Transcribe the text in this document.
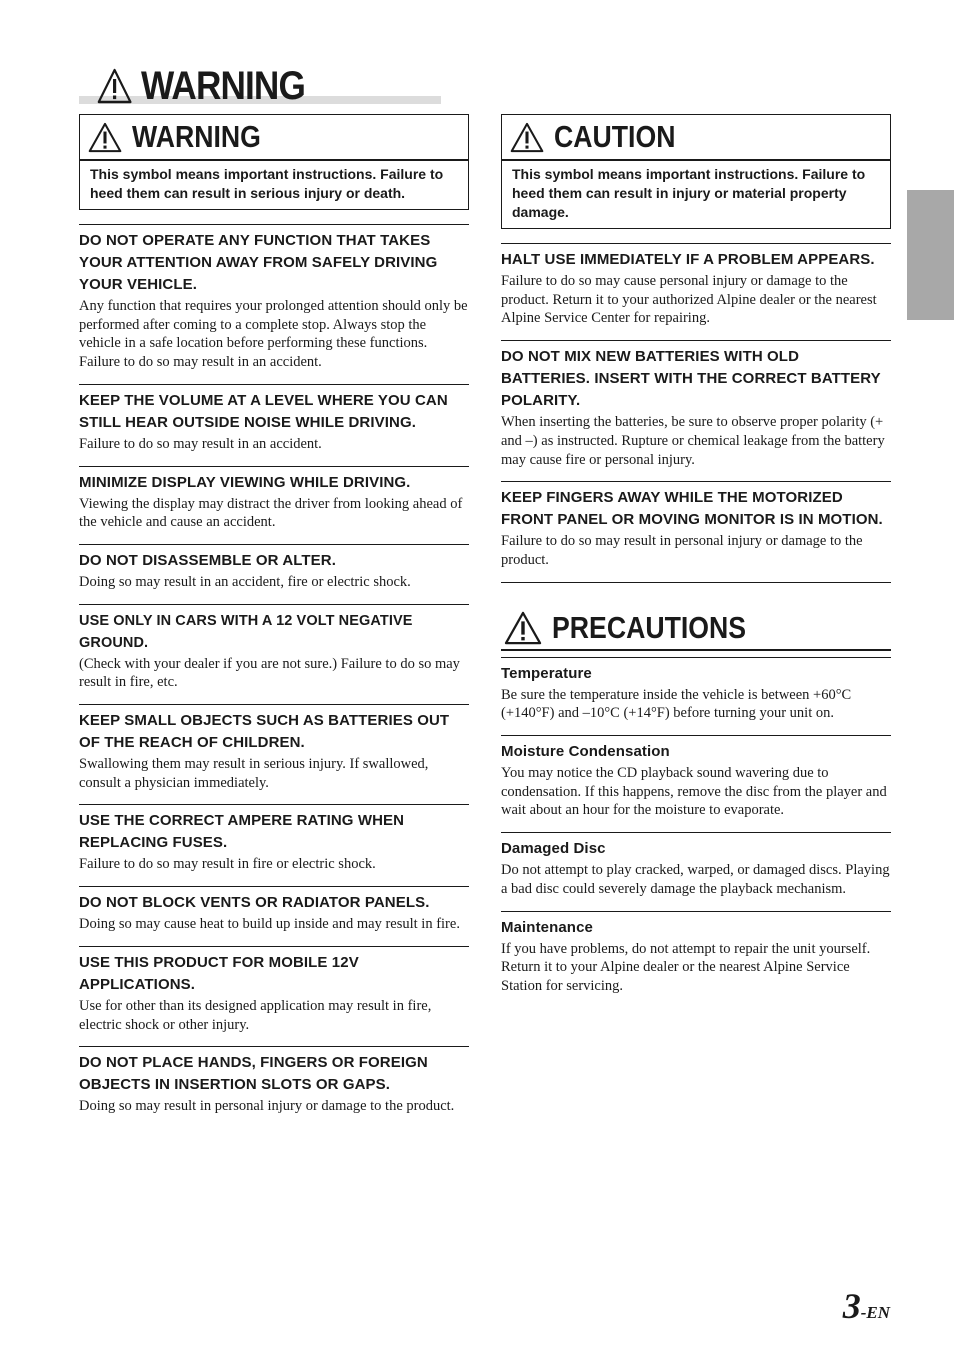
WARNING
WARNING
This symbol means important instructions. Failure to heed them can result in serious injury or death.
DO NOT OPERATE ANY FUNCTION THAT TAKES YOUR ATTENTION AWAY FROM SAFELY DRIVING YOUR VEHICLE.
Any function that requires your prolonged attention should only be performed after coming to a complete stop. Always stop the vehicle in a safe location before performing these functions. Failure to do so may result in an accident.
KEEP THE VOLUME AT A LEVEL WHERE YOU CAN STILL HEAR OUTSIDE NOISE WHILE DRIVING.
Failure to do so may result in an accident.
MINIMIZE DISPLAY VIEWING WHILE DRIVING.
Viewing the display may distract the driver from looking ahead of the vehicle and cause an accident.
DO NOT DISASSEMBLE OR ALTER.
Doing so may result in an accident, fire or electric shock.
USE ONLY IN CARS WITH A 12 VOLT NEGATIVE GROUND.
(Check with your dealer if you are not sure.) Failure to do so may result in fire, etc.
KEEP SMALL OBJECTS SUCH AS BATTERIES OUT OF THE REACH OF CHILDREN.
Swallowing them may result in serious injury. If swallowed, consult a physician immediately.
USE THE CORRECT AMPERE RATING WHEN REPLACING FUSES.
Failure to do so may result in fire or electric shock.
DO NOT BLOCK VENTS OR RADIATOR PANELS.
Doing so may cause heat to build up inside and may result in fire.
USE THIS PRODUCT FOR MOBILE 12V APPLICATIONS.
Use for other than its designed application may result in fire, electric shock or other injury.
DO NOT PLACE HANDS, FINGERS OR FOREIGN OBJECTS IN INSERTION SLOTS OR GAPS.
Doing so may result in personal injury or damage to the product.
CAUTION
This symbol means important instructions. Failure to heed them can result in injury or material property damage.
HALT USE IMMEDIATELY IF A PROBLEM APPEARS.
Failure to do so may cause personal injury or damage to the product. Return it to your authorized Alpine dealer or the nearest Alpine Service Center for repairing.
DO NOT MIX NEW BATTERIES WITH OLD BATTERIES. INSERT WITH THE CORRECT BATTERY POLARITY.
When inserting the batteries, be sure to observe proper polarity (+ and –) as instructed. Rupture or chemical leakage from the battery may cause fire or personal injury.
KEEP FINGERS AWAY WHILE THE MOTORIZED FRONT PANEL OR MOVING MONITOR IS IN MOTION.
Failure to do so may result in personal injury or damage to the product.
PRECAUTIONS
Temperature
Be sure the temperature inside the vehicle is between +60°C (+140°F) and –10°C (+14°F) before turning your unit on.
Moisture Condensation
You may notice the CD playback sound wavering due to condensation. If this happens, remove the disc from the player and wait about an hour for the moisture to evaporate.
Damaged Disc
Do not attempt to play cracked, warped, or damaged discs. Playing a bad disc could severely damage the playback mechanism.
Maintenance
If you have problems, do not attempt to repair the unit yourself. Return it to your Alpine dealer or the nearest Alpine Service Station for servicing.
3 -EN
